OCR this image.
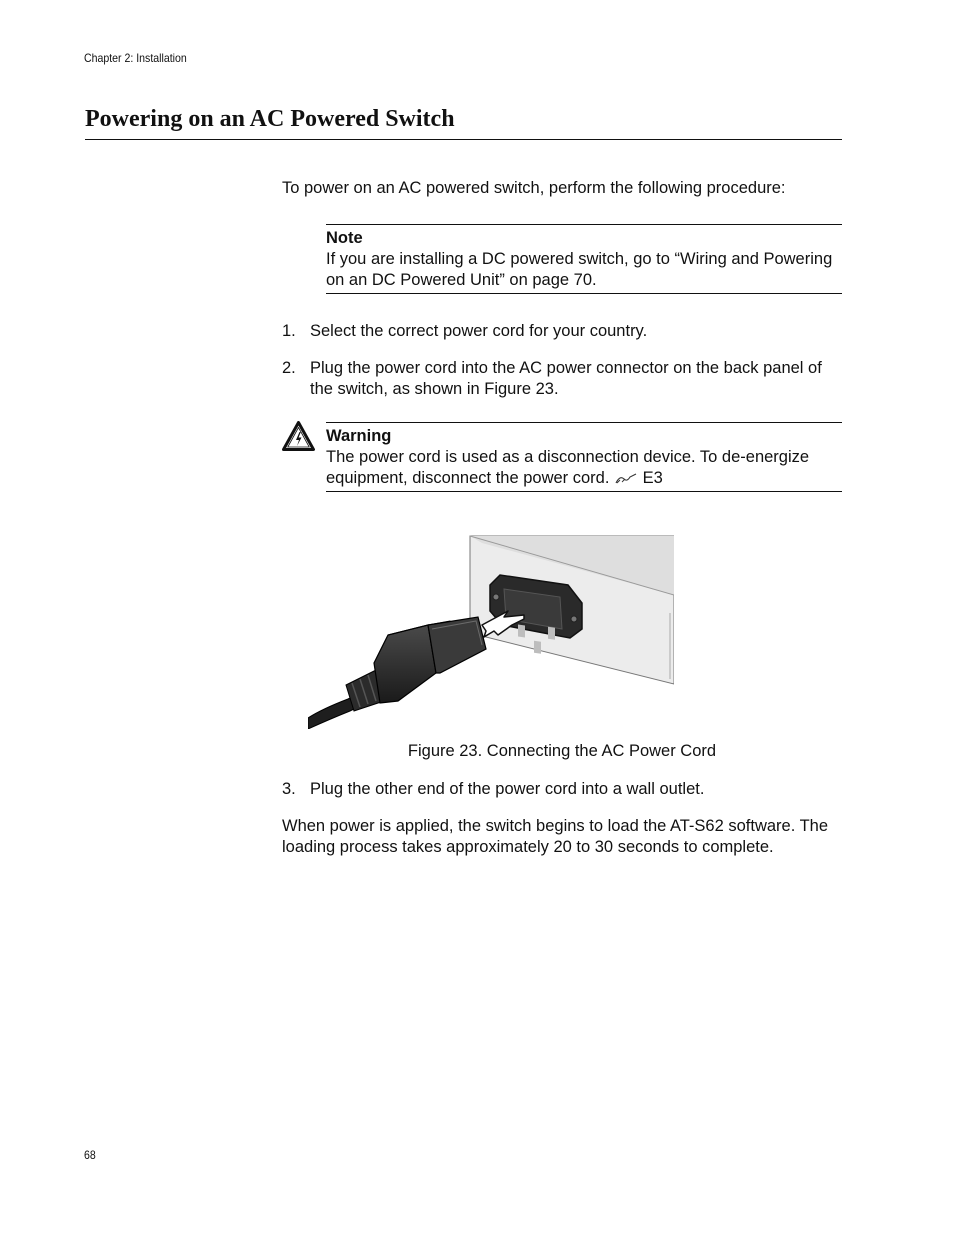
Chapter 2: Installation
Powering on an AC Powered Switch
To power on an AC powered switch, perform the following procedure:
Note
If you are installing a DC powered switch, go to “Wiring and Powering on an DC Powered Unit” on page 70.
1. Select the correct power cord for your country.
2. Plug the power cord into the AC power connector on the back panel of the switch, as shown in Figure 23.
Warning
The power cord is used as a disconnection device. To de-energize equipment, disconnect the power cord. E3
Figure 23. Connecting the AC Power Cord
3. Plug the other end of the power cord into a wall outlet.
When power is applied, the switch begins to load the AT-S62 software. The loading process takes approximately 20 to 30 seconds to complete.
68
